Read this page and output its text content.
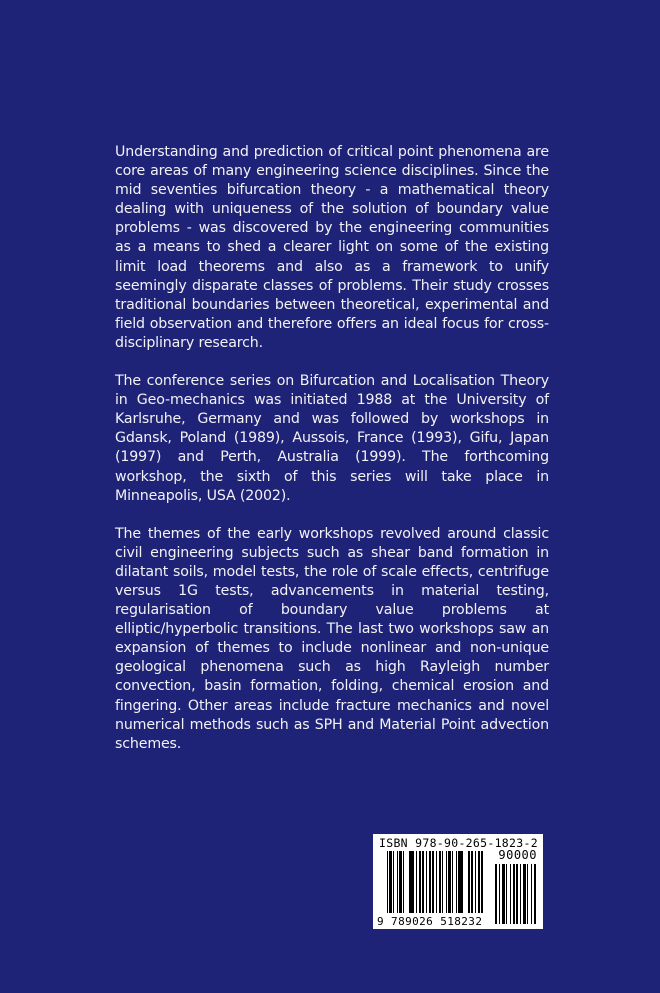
Understanding and prediction of critical point phenomena are core areas of many engineering science disciplines. Since the mid seventies bifurcation theory - a mathematical theory dealing with uniqueness of the solution of boundary value problems - was discovered by the engineering communities as a means to shed a clearer light on some of the existing limit load theorems and also as a framework to unify seemingly disparate classes of problems. Their study crosses traditional boundaries between theoretical, experimental and field observation and therefore offers an ideal focus for cross-disciplinary research.

The conference series on Bifurcation and Localisation Theory in Geo-mechanics was initiated 1988 at the University of Karlsruhe, Germany and was followed by workshops in Gdansk, Poland (1989), Aussois, France (1993), Gifu, Japan (1997) and Perth, Australia (1999). The forthcoming workshop, the sixth of this series will take place in Minneapolis, USA (2002).

The themes of the early workshops revolved around classic civil engineering subjects such as shear band formation in dilatant soils, model tests, the role of scale effects, centrifuge versus 1G tests, advancements in material testing, regularisation of boundary value problems at elliptic/hyperbolic transitions. The last two workshops saw an expansion of themes to include nonlinear and non-unique geological phenomena such as high Rayleigh number convection, basin formation, folding, chemical erosion and fingering. Other areas include fracture mechanics and novel numerical methods such as SPH and Material Point advection schemes.

ISBN 978-90-265-1823-2
90000
9 789026 518232
